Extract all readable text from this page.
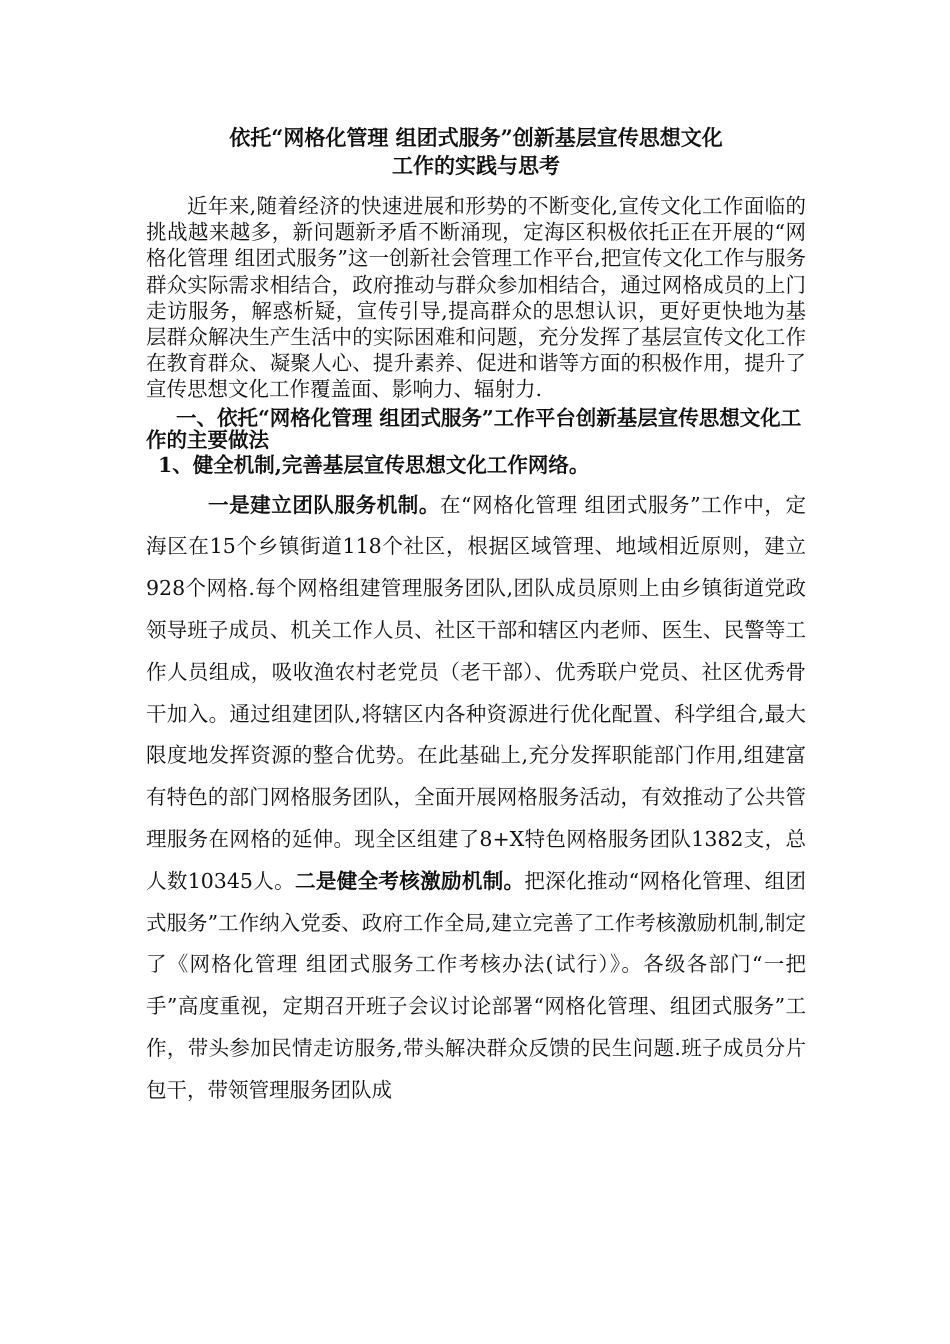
依托“网格化管理 组团式服务”创新基层宣传思想文化
工作的实践与思考

近年来,随着经济的快速进展和形势的不断变化,宣传文化工作面临的挑战越来越多，新问题新矛盾不断涌现，定海区积极依托正在开展的“网格化管理 组团式服务”这一创新社会管理工作平台,把宣传文化工作与服务群众实际需求相结合，政府推动与群众参加相结合，通过网格成员的上门走访服务，解惑析疑，宣传引导,提高群众的思想认识，更好更快地为基层群众解决生产生活中的实际困难和问题，充分发挥了基层宣传文化工作在教育群众、凝聚人心、提升素养、促进和谐等方面的积极作用，提升了宣传思想文化工作覆盖面、影响力、辐射力.

一、依托“网格化管理 组团式服务”工作平台创新基层宣传思想文化工作的主要做法
1、健全机制,完善基层宣传思想文化工作网络。

一是建立团队服务机制。在“网格化管理 组团式服务”工作中，定海区在15个乡镇街道118个社区，根据区域管理、地域相近原则，建立928个网格.每个网格组建管理服务团队,团队成员原则上由乡镇街道党政领导班子成员、机关工作人员、社区干部和辖区内老师、医生、民警等工作人员组成，吸收渔农村老党员（老干部）、优秀联户党员、社区优秀骨干加入。通过组建团队,将辖区内各种资源进行优化配置、科学组合,最大限度地发挥资源的整合优势。在此基础上,充分发挥职能部门作用,组建富有特色的部门网格服务团队，全面开展网格服务活动，有效推动了公共管理服务在网格的延伸。现全区组建了8+X特色网格服务团队1382支，总人数10345人。二是健全考核激励机制。把深化推动“网格化管理、组团式服务”工作纳入党委、政府工作全局,建立完善了工作考核激励机制,制定了《网格化管理 组团式服务工作考核办法(试行）》。各级各部门“一把手”高度重视，定期召开班子会议讨论部署“网格化管理、组团式服务”工作，带头参加民情走访服务,带头解决群众反馈的民生问题.班子成员分片包干，带领管理服务团队成
